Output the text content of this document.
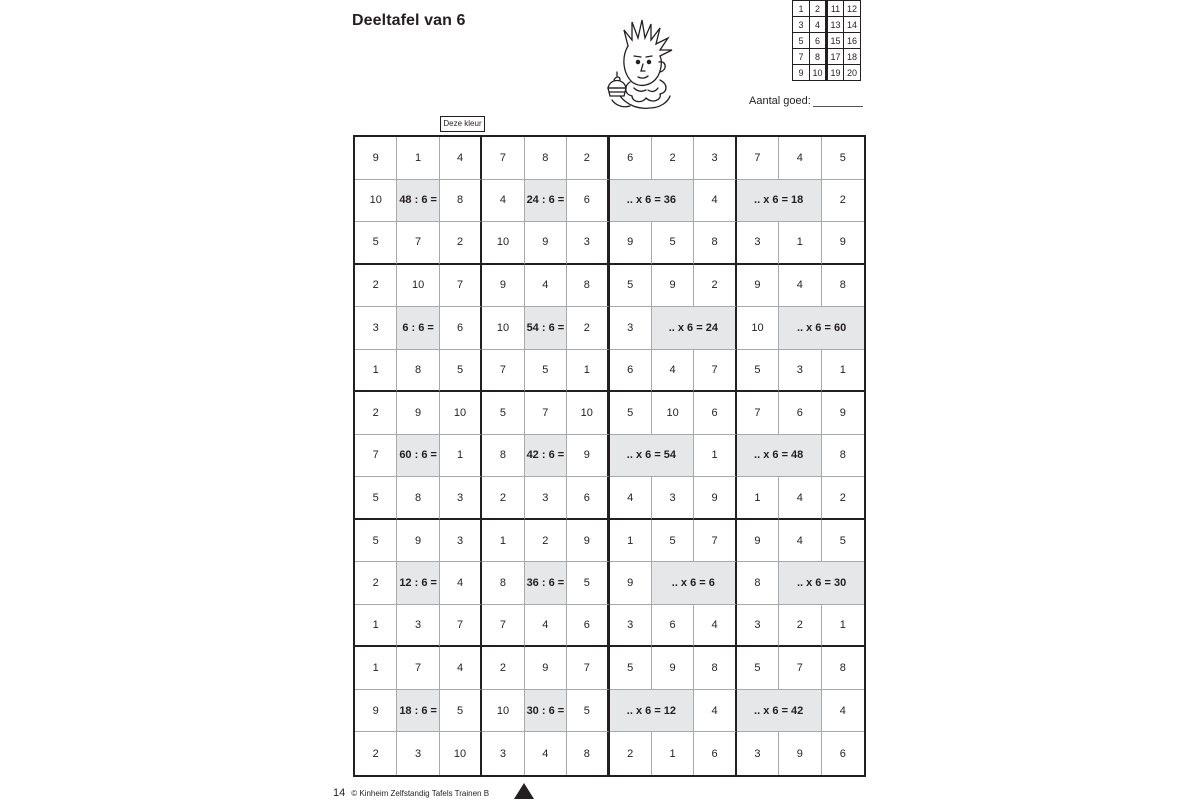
Deeltafel van 6
1	2	11	12
3	4	13	14
5	6	15	16
7	8	17	18
9	10	19	20
Aantal goed:
Deze kleur
9	1	4	7	8	2	6	2	3	7	4	5
10	48 : 6 =	8	4	24 : 6 =	6	.. x 6 = 36	4	.. x 6 = 18	2
5	7	2	10	9	3	9	5	8	3	1	9
2	10	7	9	4	8	5	9	2	9	4	8
3	6 : 6 =	6	10	54 : 6 =	2	3	.. x 6 = 24	10	.. x 6 = 60
1	8	5	7	5	1	6	4	7	5	3	1
2	9	10	5	7	10	5	10	6	7	6	9
7	60 : 6 =	1	8	42 : 6 =	9	.. x 6 = 54	1	.. x 6 = 48	8
5	8	3	2	3	6	4	3	9	1	4	2
5	9	3	1	2	9	1	5	7	9	4	5
2	12 : 6 =	4	8	36 : 6 =	5	9	.. x 6 = 6	8	.. x 6 = 30
1	3	7	7	4	6	3	6	4	3	2	1
1	7	4	2	9	7	5	9	8	5	7	8
9	18 : 6 =	5	10	30 : 6 =	5	.. x 6 = 12	4	.. x 6 = 42	4
2	3	10	3	4	8	2	1	6	3	9	6
14 © Kinheim Zelfstandig Tafels Trainen B
